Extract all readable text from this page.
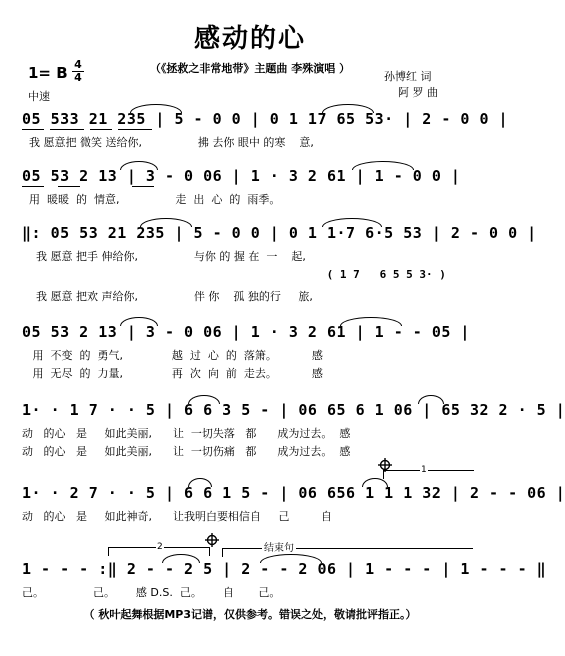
感动的心
（《拯救之非常地带》主题曲 李殊演唱 ）
1= B 4
4
中速
孙博红 词
阿 罗 曲
05 533 21 235 | 5 - 0 0 | 0 1 17 65 53· | 2 - 0 0 |
我 愿意把 微笑 送给你,                拂 去你 眼中 的寒    意,
05 53 2 13 | 3 - 0 06 | 1 · 3 2 61 | 1 - 0 0 |
用  暖暖  的  情意,                走  出  心  的  雨季。
‖: 05 53 21 235 | 5 - 0 0 | 0 1 1·7 6·5 53 | 2 - 0 0 |
我 愿意 把手 伸给你,                与你 的 握 在  一    起,
( 1 7   6 5 5 3· )
我 愿意 把欢 声给你,                伴 你    孤 独的行     旅,
05 53 2 13 | 3 - 0 06 | 1 · 3 2 61 | 1 - - 05 |
用  不变  的  勇气,              越  过  心  的  落箫。          感
用  无尽  的  力量,              再  次  向  前  走去。          感
1· · 1 7 · · 5 | 6 6 3 5 - | 06 65 6 1 06 | 65 32 2 · 5 |
动   的心   是     如此美丽,      让  一切失落   都      成为过去。  感
动   的心   是     如此美丽,      让  一切伤痛   都      成为过去。  感
1
1· · 2 7 · · 5 | 6 6 1 5 - | 06 656 1 1 1 32 | 2 - - 06 |
动   的心   是     如此神奇,      让我明白要相信自     己         自
2	结束句
1 - - - :‖ 2 - - 2 5 | 2 - - 2 06 | 1 - - - | 1 - - - ‖
己。              己。      感 D.S.  己。      自       己。
（ 秋叶起舞根据MP3记谱，仅供参考。错误之处，敬请批评指正。）
